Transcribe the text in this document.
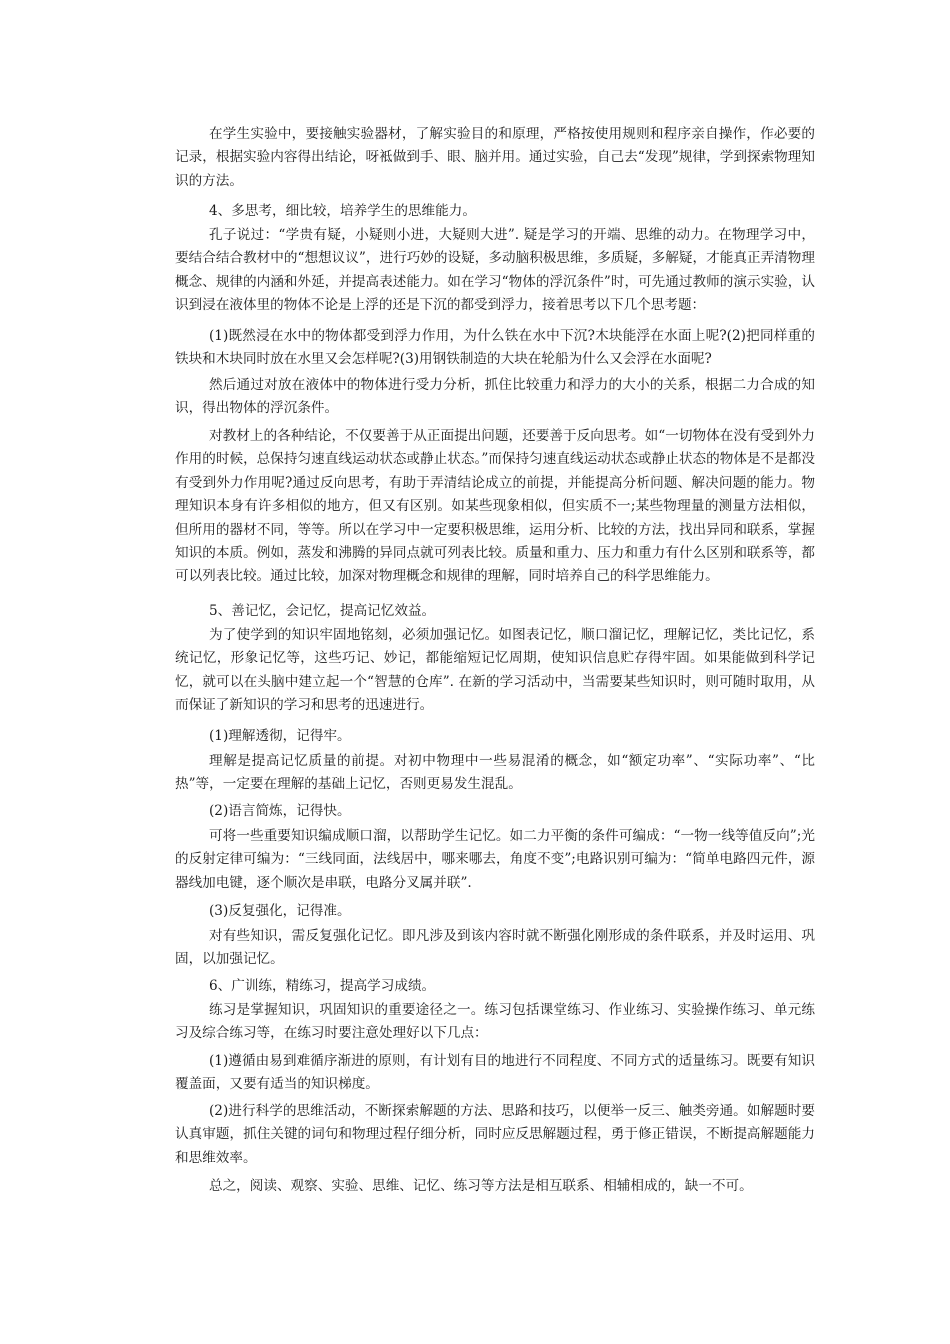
在学生实验中，要接触实验器材，了解实验目的和原理，严格按使用规则和程序亲自操作，作必要的记录，根据实验内容得出结论，呀袛做到手、眼、脑并用。通过实验，自己去“发现”规律，学到探索物理知识的方法。

4、多思考，细比较，培养学生的思维能力。

孔子说过：“学贵有疑，小疑则小进，大疑则大进”. 疑是学习的开端、思维的动力。在物理学习中，要结合结合教材中的“想想议议”，进行巧妙的设疑，多动脑积极思维，多质疑，多解疑，才能真正弄清物理概念、规律的内涵和外延，并提高表述能力。如在学习“物体的浮沉条件”时，可先通过教师的演示实验，认识到浸在液体里的物体不论是上浮的还是下沉的都受到浮力，接着思考以下几个思考题：

(1)既然浸在水中的物体都受到浮力作用，为什么铁在水中下沉?木块能浮在水面上呢?(2)把同样重的铁块和木块同时放在水里又会怎样呢?(3)用钢铁制造的大块在轮船为什么又会浮在水面呢?

然后通过对放在液体中的物体进行受力分析，抓住比较重力和浮力的大小的关系，根据二力合成的知识，得出物体的浮沉条件。

对教材上的各种结论，不仅要善于从正面提出问题，还要善于反向思考。如“一切物体在没有受到外力作用的时候，总保持匀速直线运动状态或静止状态。”而保持匀速直线运动状态或静止状态的物体是不是都没有受到外力作用呢?通过反向思考，有助于弄清结论成立的前提，并能提高分析问题、解决问题的能力。物理知识本身有许多相似的地方，但又有区别。如某些现象相似，但实质不一;某些物理量的测量方法相似，但所用的器材不同，等等。所以在学习中一定要积极思维，运用分析、比较的方法，找出异同和联系，掌握知识的本质。例如，蒸发和沸腾的异同点就可列表比较。质量和重力、压力和重力有什么区别和联系等，都可以列表比较。通过比较，加深对物理概念和规律的理解，同时培养自己的科学思维能力。

5、善记忆，会记忆，提高记忆效益。

为了使学到的知识牢固地铭刻，必须加强记忆。如图表记忆，顺口溜记忆，理解记忆，类比记忆，系统记忆，形象记忆等，这些巧记、妙记，都能缩短记忆周期，使知识信息贮存得牢固。如果能做到科学记忆，就可以在头脑中建立起一个“智慧的仓库”. 在新的学习活动中，当需要某些知识时，则可随时取用，从而保证了新知识的学习和思考的迅速进行。

(1)理解透彻，记得牢。

理解是提高记忆质量的前提。对初中物理中一些易混淆的概念，如“额定功率”、“实际功率”、“比热”等，一定要在理解的基础上记忆，否则更易发生混乱。

(2)语言简炼，记得快。

可将一些重要知识编成顺口溜，以帮助学生记忆。如二力平衡的条件可编成：“一物一线等值反向”;光的反射定律可编为：“三线同面，法线居中，哪来哪去，角度不变”;电路识别可编为：“简单电路四元件，源器线加电键，逐个顺次是串联，电路分叉属并联”.

(3)反复强化，记得准。

对有些知识，需反复强化记忆。即凡涉及到该内容时就不断强化刚形成的条件联系，并及时运用、巩固，以加强记忆。

6、广训练，精练习，提高学习成绩。

练习是掌握知识，巩固知识的重要途径之一。练习包括课堂练习、作业练习、实验操作练习、单元练习及综合练习等，在练习时要注意处理好以下几点：

(1)遵循由易到难循序渐进的原则，有计划有目的地进行不同程度、不同方式的适量练习。既要有知识覆盖面，又要有适当的知识梯度。

(2)进行科学的思维活动，不断探索解题的方法、思路和技巧，以便举一反三、触类旁通。如解题时要认真审题，抓住关键的词句和物理过程仔细分析，同时应反思解题过程，勇于修正错误，不断提高解题能力和思维效率。

总之，阅读、观察、实验、思维、记忆、练习等方法是相互联系、相辅相成的，缺一不可。
